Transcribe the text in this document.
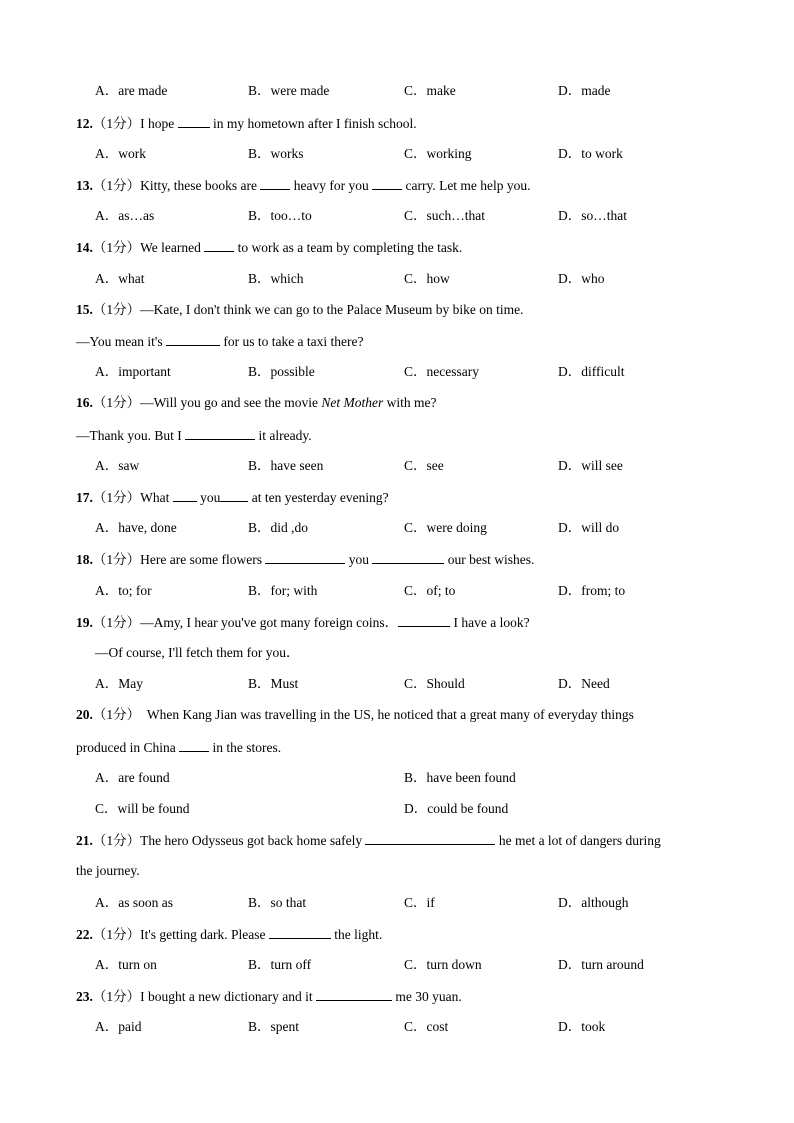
A．are made	B．were made	C．make	D．made
12.（1分）I hope  in my hometown after I finish school.
A．work	B．works	C．working	D．to work
13.（1分）Kitty, these books are  heavy for you  carry. Let me help you.
A．as…as	B．too…to	C．such…that	D．so…that
14.（1分）We learned  to work as a team by completing the task.
A．what	B．which	C．how	D．who
15.（1分）—Kate, I don't think we can go to the Palace Museum by bike on time.
—You mean it's	for us to take a taxi there?
A．important	B．possible	C．necessary	D．difficult
16.（1分）—Will you go and see the movie Net Mother with me?
—Thank you. But I	it already.
A．saw	B．have seen	C．see	D．will see
17.（1分）What  you at ten yesterday evening?
A．have, done	B．did ,do	C．were doing	D．will do
18.（1分）Here are some flowers	you	our best wishes.
A．to; for	B．for; with	C．of; to	D．from; to
19.（1分）—Amy, I hear you've got many foreign coins．	I have a look?
—Of course, I'll fetch them for you．
A．May	B．Must	C．Should	D．Need
20.（1分）　When Kang Jian was travelling in the US, he noticed that a great many of everyday things
produced in China  in the stores.
A．are found	B．have been found
C．will be found	D．could be found
21.（1分）The hero Odysseus got back home safely	he met a lot of dangers during
the journey.
A．as soon as	B．so that	C．if	D．although
22.（1分）It's getting dark. Please	the light.
A．turn on	B．turn off	C．turn down	D．turn around
23.（1分）I bought a new dictionary and it	me 30 yuan.
A．paid	B．spent	C．cost	D．took
